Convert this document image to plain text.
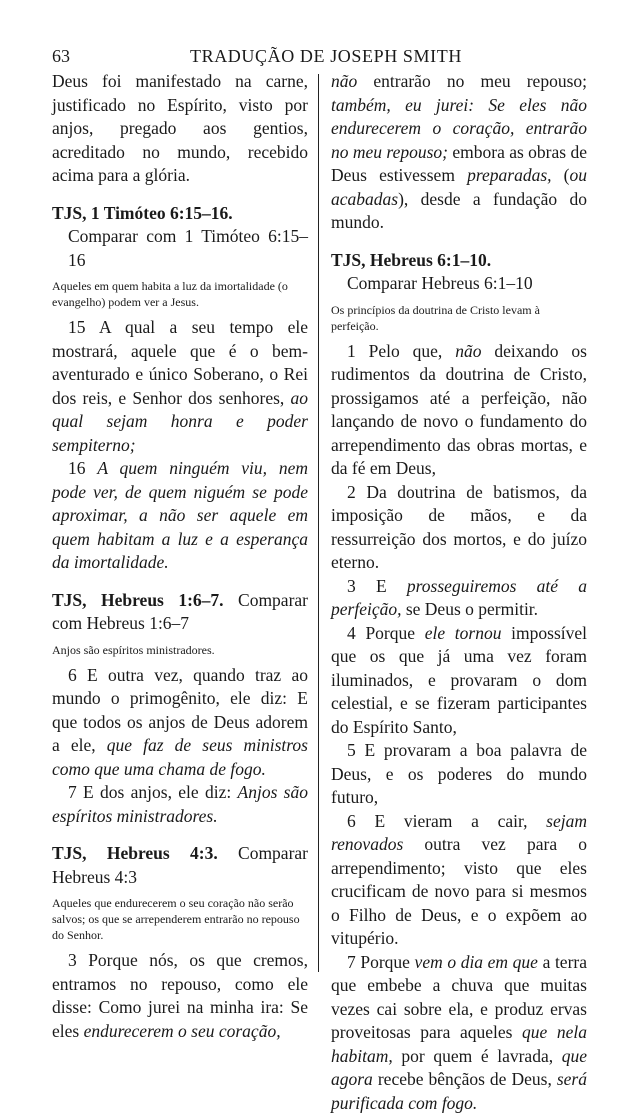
63	TRADUÇÃO DE JOSEPH SMITH

Deus foi manifestado na carne, justificado no Espírito, visto por anjos, pregado aos gentios, acreditado no mundo, recebido acima para a glória.

TJS, 1 Timóteo 6:15–16.
Comparar com 1 Timóteo 6:15–16
Aqueles em quem habita a luz da imortalidade (o evangelho) podem ver a Jesus.

15 A qual a seu tempo ele mostrará, aquele que é o bem-aventurado e único Soberano, o Rei dos reis, e Senhor dos senhores, ao qual sejam honra e poder sempiterno;

16 A quem ninguém viu, nem pode ver, de quem niguém se pode aproximar, a não ser aquele em quem habitam a luz e a esperança da imortalidade.

TJS, Hebreus 1:6–7. Comparar com Hebreus 1:6–7
Anjos são espíritos ministradores.

6 E outra vez, quando traz ao mundo o primogênito, ele diz: E que todos os anjos de Deus adorem a ele, que faz de seus ministros como que uma chama de fogo.

7 E dos anjos, ele diz: Anjos são espíritos ministradores.

TJS, Hebreus 4:3. Comparar Hebreus 4:3
Aqueles que endurecerem o seu coração não serão salvos; os que se arrependerem entrarão no repouso do Senhor.

3 Porque nós, os que cremos, entramos no repouso, como ele disse: Como jurei na minha ira: Se eles endurecerem o seu coração,

não entrarão no meu repouso; também, eu jurei: Se eles não endurecerem o coração, entrarão no meu repouso; embora as obras de Deus estivessem preparadas, (ou acabadas), desde a fundação do mundo.

TJS, Hebreus 6:1–10.
Comparar Hebreus 6:1–10
Os princípios da doutrina de Cristo levam à perfeição.

1 Pelo que, não deixando os rudimentos da doutrina de Cristo, prossigamos até a perfeição, não lançando de novo o fundamento do arrependimento das obras mortas, e da fé em Deus,

2 Da doutrina de batismos, da imposição de mãos, e da ressurreição dos mortos, e do juízo eterno.

3 E prosseguiremos até a perfeição, se Deus o permitir.

4 Porque ele tornou impossível que os que já uma vez foram iluminados, e provaram o dom celestial, e se fizeram participantes do Espírito Santo,

5 E provaram a boa palavra de Deus, e os poderes do mundo futuro,

6 E vieram a cair, sejam renovados outra vez para o arrependimento; visto que eles crucificam de novo para si mesmos o Filho de Deus, e o expõem ao vitupério.

7 Porque vem o dia em que a terra que embebe a chuva que muitas vezes cai sobre ela, e produz ervas proveitosas para aqueles que nela habitam, por quem é lavrada, que agora recebe bênçãos de Deus, será purificada com fogo.
